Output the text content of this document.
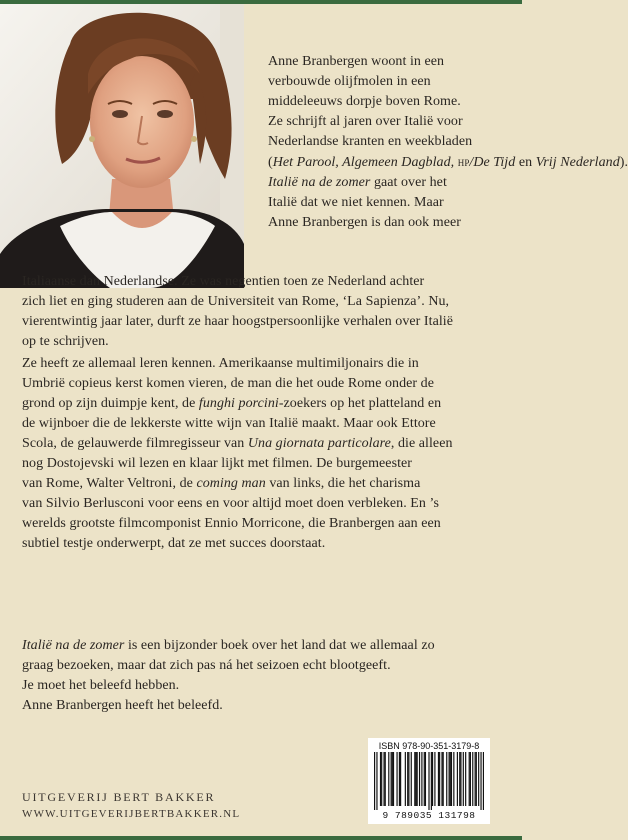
Anne Branbergen woont in een
verbouwde olijfmolen in een
middeleeuws dorpje boven Rome.
Ze schrijft al jaren over Italië voor
Nederlandse kranten en weekbladen
(Het Parool, Algemeen Dagblad, hp/De Tijd en Vrij Nederland).
Italië na de zomer gaat over het
Italië dat we niet kennen. Maar
Anne Branbergen is dan ook meer
Italiaanse dan Nederlandse. Ze was negentien toen ze Nederland achter
zich liet en ging studeren aan de Universiteit van Rome, ‘La Sapienza’. Nu,
vierentwintig jaar later, durft ze haar hoogstpersoonlijke verhalen over Italië
op te schrijven.
Ze heeft ze allemaal leren kennen. Amerikaanse multimiljonairs die in
Umbrië copieus kerst komen vieren, de man die het oude Rome onder de
grond op zijn duimpje kent, de funghi porcini-zoekers op het platteland en
de wijnboer die de lekkerste witte wijn van Italië maakt. Maar ook Ettore
Scola, de gelauwerde filmregisseur van Una giornata particolare, die alleen
nog Dostojevski wil lezen en klaar lijkt met filmen. De burgemeester
van Rome, Walter Veltroni, de coming man van links, die het charisma
van Silvio Berlusconi voor eens en voor altijd moet doen verbleken. En ’s
werelds grootste filmcomponist Ennio Morricone, die Branbergen aan een
subtiel testje onderwerpt, dat ze met succes doorstaat.
Italië na de zomer is een bijzonder boek over het land dat we allemaal zo
graag bezoeken, maar dat zich pas ná het seizoen echt blootgeeft.
Je moet het beleefd hebben.
Anne Branbergen heeft het beleefd.
ISBN 978-90-351-3179-8
9 789035 131798
UITGEVERIJ BERT BAKKER
WWW.UITGEVERIJBERTBAKKER.NL
